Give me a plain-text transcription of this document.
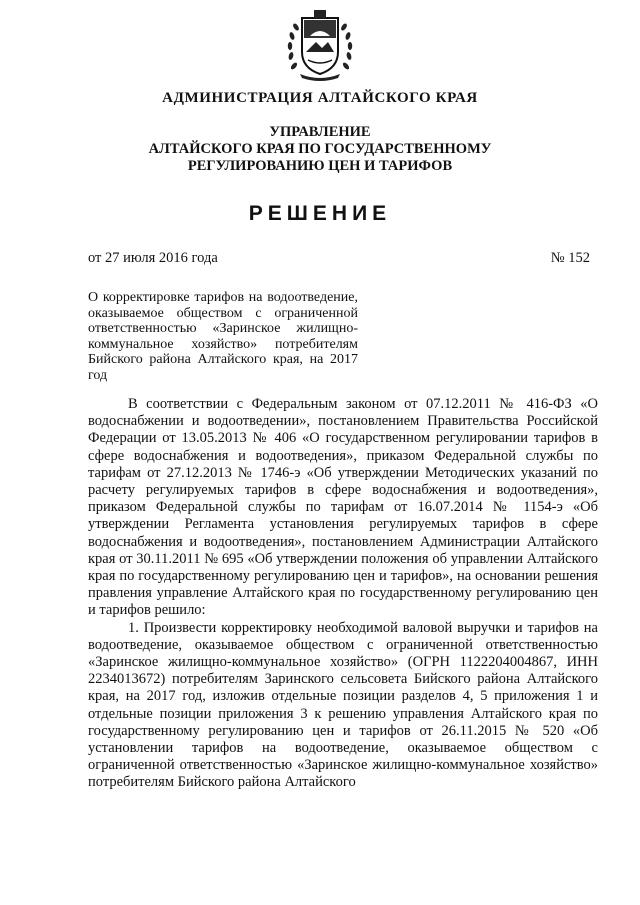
АДМИНИСТРАЦИЯ АЛТАЙСКОГО КРАЯ
УПРАВЛЕНИЕ
АЛТАЙСКОГО КРАЯ ПО ГОСУДАРСТВЕННОМУ
РЕГУЛИРОВАНИЮ ЦЕН И ТАРИФОВ
РЕШЕНИЕ
от 27 июля 2016 года	№ 152
О корректировке тарифов на водоотведение, оказываемое обществом с ограниченной ответственностью «Заринское жилищно-коммунальное хозяйство» потребителям Бийского района Алтайского края, на 2017 год

В соответствии с Федеральным законом от 07.12.2011 № 416-ФЗ «О водоснабжении и водоотведении», постановлением Правительства Российской Федерации от 13.05.2013 № 406 «О государственном регулировании тарифов в сфере водоснабжения и водоотведения», приказом Федеральной службы по тарифам от 27.12.2013 № 1746-э «Об утверждении Методических указаний по расчету регулируемых тарифов в сфере водоснабжения и водоотведения», приказом Федеральной службы по тарифам от 16.07.2014 № 1154-э «Об утверждении Регламента установления регулируемых тарифов в сфере водоснабжения и водоотведения», постановлением Администрации Алтайского края от 30.11.2011 № 695 «Об утверждении положения об управлении Алтайского края по государственному регулированию цен и тарифов», на основании решения правления управление Алтайского края по государственному регулированию цен и тарифов решило:

1. Произвести корректировку необходимой валовой выручки и тарифов на водоотведение, оказываемое обществом с ограниченной ответственностью «Заринское жилищно-коммунальное хозяйство» (ОГРН 1122204004867, ИНН 2234013672) потребителям Заринского сельсовета Бийского района Алтайского края, на 2017 год, изложив отдельные позиции разделов 4, 5 приложения 1 и отдельные позиции приложения 3 к решению управления Алтайского края по государственному регулированию цен и тарифов от 26.11.2015 № 520 «Об установлении тарифов на водоотведение, оказываемое обществом с ограниченной ответственностью «Заринское жилищно-коммунальное хозяйство» потребителям Бийского района Алтайского
